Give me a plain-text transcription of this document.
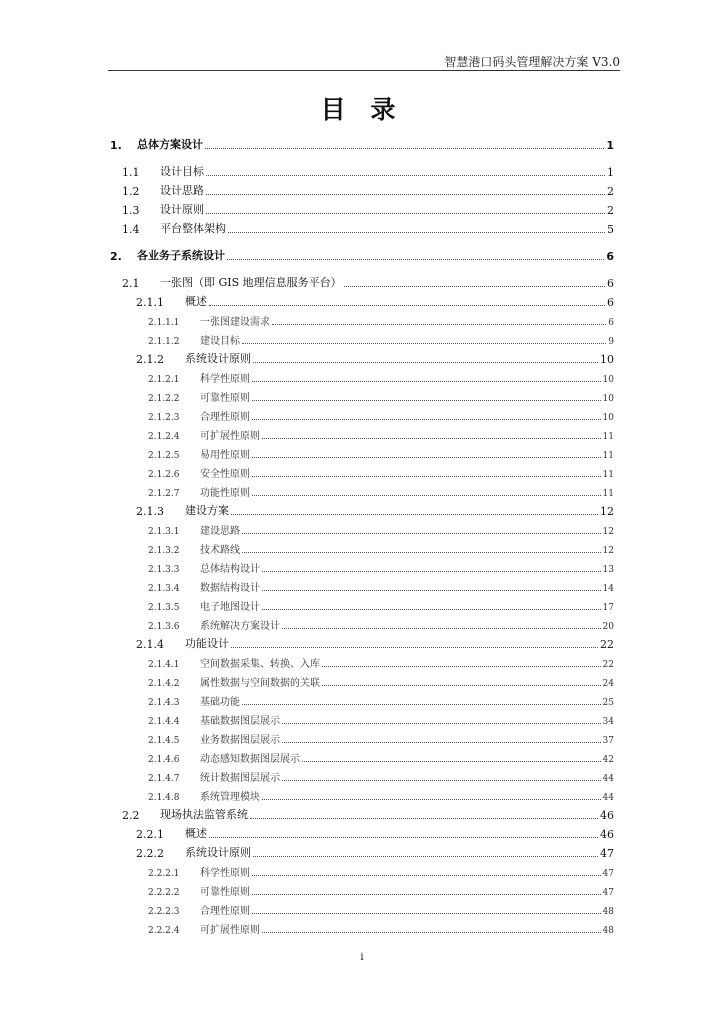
智慧港口码头管理解决方案 V3.0
目 录
1. 总体方案设计	1
1.1 设计目标	1
1.2 设计思路	2
1.3 设计原则	2
1.4 平台整体架构	5
2. 各业务子系统设计	6
2.1 一张图（即 GIS 地理信息服务平台）	6
2.1.1 概述	6
2.1.1.1 一张图建设需求	6
2.1.1.2 建设目标	9
2.1.2 系统设计原则	10
2.1.2.1 科学性原则	10
2.1.2.2 可靠性原则	10
2.1.2.3 合理性原则	10
2.1.2.4 可扩展性原则	11
2.1.2.5 易用性原则	11
2.1.2.6 安全性原则	11
2.1.2.7 功能性原则	11
2.1.3 建设方案	12
2.1.3.1 建设思路	12
2.1.3.2 技术路线	12
2.1.3.3 总体结构设计	13
2.1.3.4 数据结构设计	14
2.1.3.5 电子地图设计	17
2.1.3.6 系统解决方案设计	20
2.1.4 功能设计	22
2.1.4.1 空间数据采集、转换、入库	22
2.1.4.2 属性数据与空间数据的关联	24
2.1.4.3 基础功能	25
2.1.4.4 基础数据图层展示	34
2.1.4.5 业务数据图层展示	37
2.1.4.6 动态感知数据图层展示	42
2.1.4.7 统计数据图层展示	44
2.1.4.8 系统管理模块	44
2.2 现场执法监管系统	46
2.2.1 概述	46
2.2.2 系统设计原则	47
2.2.2.1 科学性原则	47
2.2.2.2 可靠性原则	47
2.2.2.3 合理性原则	48
2.2.2.4 可扩展性原则	48
i
